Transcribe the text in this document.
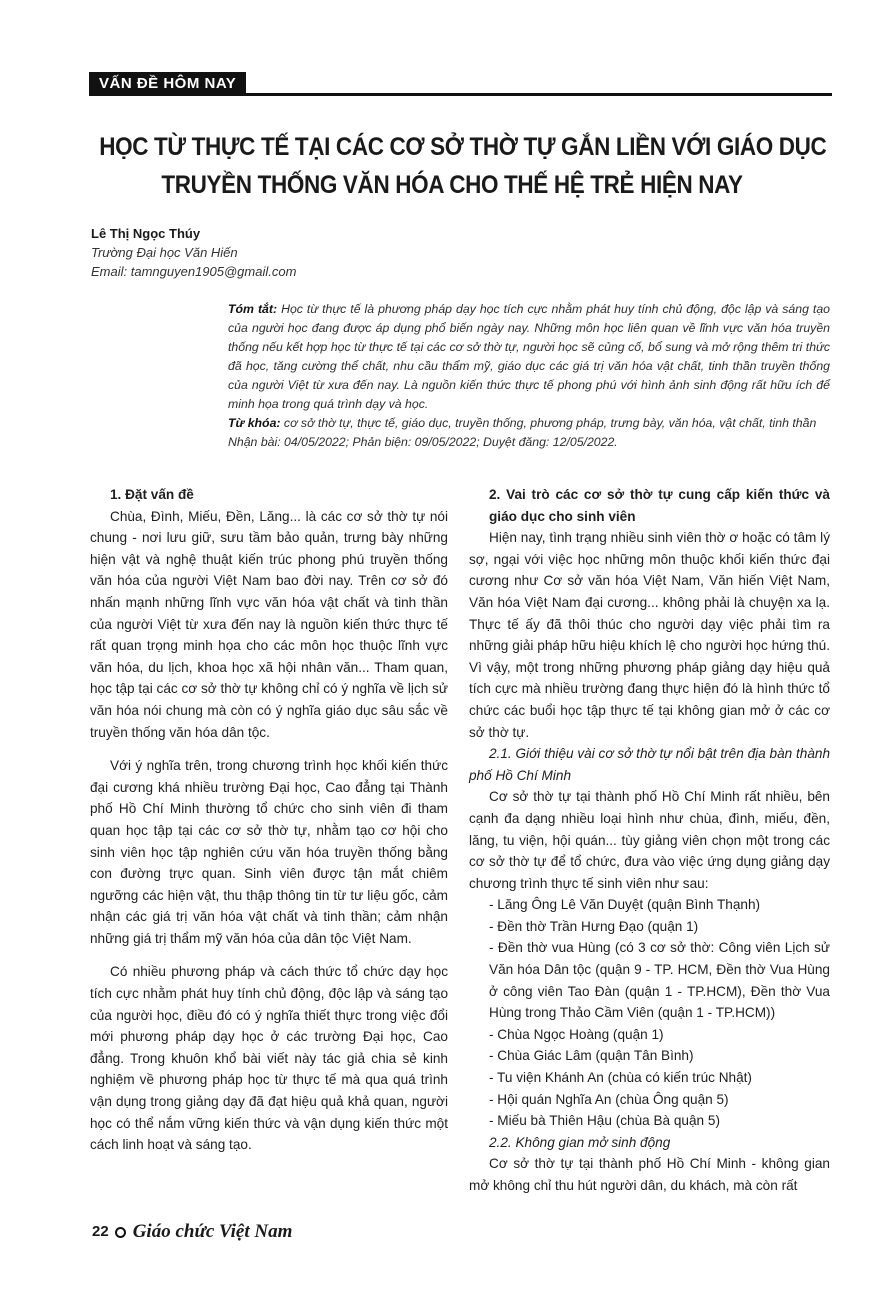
VẤN ĐỀ HÔM NAY
HỌC TỪ THỰC TẾ TẠI CÁC CƠ SỞ THỜ TỰ GẮN LIỀN VỚI GIÁO DỤC
TRUYỀN THỐNG VĂN HÓA CHO THẾ HỆ TRẺ HIỆN NAY
Lê Thị Ngọc Thúy
Trường Đại học Văn Hiến
Email: tamnguyen1905@gmail.com

Tóm tắt: Học từ thực tế là phương pháp dạy học tích cực nhằm phát huy tính chủ động, độc lập và sáng tạo của người học đang được áp dụng phổ biến ngày nay. Những môn học liên quan về lĩnh vực văn hóa truyền thống nếu kết hợp học từ thực tế tại các cơ sở thờ tự, người học sẽ củng cố, bổ sung và mở rộng thêm tri thức đã học, tăng cường thể chất, nhu cầu thẩm mỹ, giáo dục các giá trị văn hóa vật chất, tinh thần truyền thống của người Việt từ xưa đến nay. Là nguồn kiến thức thực tế phong phú với hình ảnh sinh động rất hữu ích để minh họa trong quá trình dạy và học.

Từ khóa: cơ sở thờ tự, thực tế, giáo dục, truyền thống, phương pháp, trưng bày, văn hóa, vật chất, tinh thần

Nhận bài: 04/05/2022; Phản biện: 09/05/2022; Duyệt đăng: 12/05/2022.

1. Đặt vấn đề

Chùa, Đình, Miếu, Đền, Lăng... là các cơ sở thờ tự nói chung - nơi lưu giữ, sưu tầm bảo quản, trưng bày những hiện vật và nghệ thuật kiến trúc phong phú truyền thống văn hóa của người Việt Nam bao đời nay. Trên cơ sở đó nhấn mạnh những lĩnh vực văn hóa vật chất và tinh thần của người Việt từ xưa đến nay là nguồn kiến thức thực tế rất quan trọng minh họa cho các môn học thuộc lĩnh vực văn hóa, du lịch, khoa học xã hội nhân văn... Tham quan, học tập tại các cơ sở thờ tự không chỉ có ý nghĩa về lịch sử văn hóa nói chung mà còn có ý nghĩa giáo dục sâu sắc về truyền thống văn hóa dân tộc.

Với ý nghĩa trên, trong chương trình học khối kiến thức đại cương khá nhiều trường Đại học, Cao đẳng tại Thành phố Hồ Chí Minh thường tổ chức cho sinh viên đi tham quan học tập tại các cơ sở thờ tự, nhằm tạo cơ hội cho sinh viên học tập nghiên cứu văn hóa truyền thống bằng con đường trực quan. Sinh viên được tận mắt chiêm ngưỡng các hiện vật, thu thập thông tin từ tư liệu gốc, cảm nhận các giá trị văn hóa vật chất và tinh thần; cảm nhận những giá trị thẩm mỹ văn hóa của dân tộc Việt Nam.

Có nhiều phương pháp và cách thức tổ chức dạy học tích cực nhằm phát huy tính chủ động, độc lập và sáng tạo của người học, điều đó có ý nghĩa thiết thực trong việc đổi mới phương pháp dạy học ở các trường Đại học, Cao đẳng. Trong khuôn khổ bài viết này tác giả chia sẻ kinh nghiệm về phương pháp học từ thực tế mà qua quá trình vận dụng trong giảng dạy đã đạt hiệu quả khả quan, người học có thể nắm vững kiến thức và vận dụng kiến thức một cách linh hoạt và sáng tạo.

2. Vai trò các cơ sở thờ tự cung cấp kiến thức và giáo dục cho sinh viên

Hiện nay, tình trạng nhiều sinh viên thờ ơ hoặc có tâm lý sợ, ngại với việc học những môn thuộc khối kiến thức đại cương như Cơ sở văn hóa Việt Nam, Văn hiến Việt Nam, Văn hóa Việt Nam đại cương... không phải là chuyện xa lạ. Thực tế ấy đã thôi thúc cho người dạy việc phải tìm ra những giải pháp hữu hiệu khích lệ cho người học hứng thú. Vì vậy, một trong những phương pháp giảng dạy hiệu quả tích cực mà nhiều trường đang thực hiện đó là hình thức tổ chức các buổi học tập thực tế tại không gian mở ở các cơ sở thờ tự.

2.1. Giới thiệu vài cơ sở thờ tự nổi bật trên địa bàn thành phố Hồ Chí Minh

Cơ sở thờ tự tại thành phố Hồ Chí Minh rất nhiều, bên cạnh đa dạng nhiều loại hình như chùa, đình, miếu, đền, lăng, tu viện, hội quán... tùy giảng viên chọn một trong các cơ sở thờ tự để tổ chức, đưa vào việc ứng dụng giảng dạy chương trình thực tế sinh viên như sau:

- Lăng Ông Lê Văn Duyệt (quận Bình Thạnh)

- Đền thờ Trần Hưng Đạo (quận 1)

- Đền thờ vua Hùng (có 3 cơ sở thờ: Công viên Lịch sử Văn hóa Dân tộc (quận 9 - TP. HCM, Đền thờ Vua Hùng ở công viên Tao Đàn (quận 1 - TP.HCM), Đền thờ Vua Hùng trong Thảo Cầm Viên (quận 1 - TP.HCM))

- Chùa Ngọc Hoàng (quận 1)

- Chùa Giác Lâm (quận Tân Bình)

- Tu viện Khánh An (chùa có kiến trúc Nhật)

- Hội quán Nghĩa An (chùa Ông quận 5)

- Miếu bà Thiên Hậu (chùa Bà quận 5)

2.2. Không gian mở sinh động

Cơ sở thờ tự tại thành phố Hồ Chí Minh - không gian mở không chỉ thu hút người dân, du khách, mà còn rất

22 Giáo chức Việt Nam
